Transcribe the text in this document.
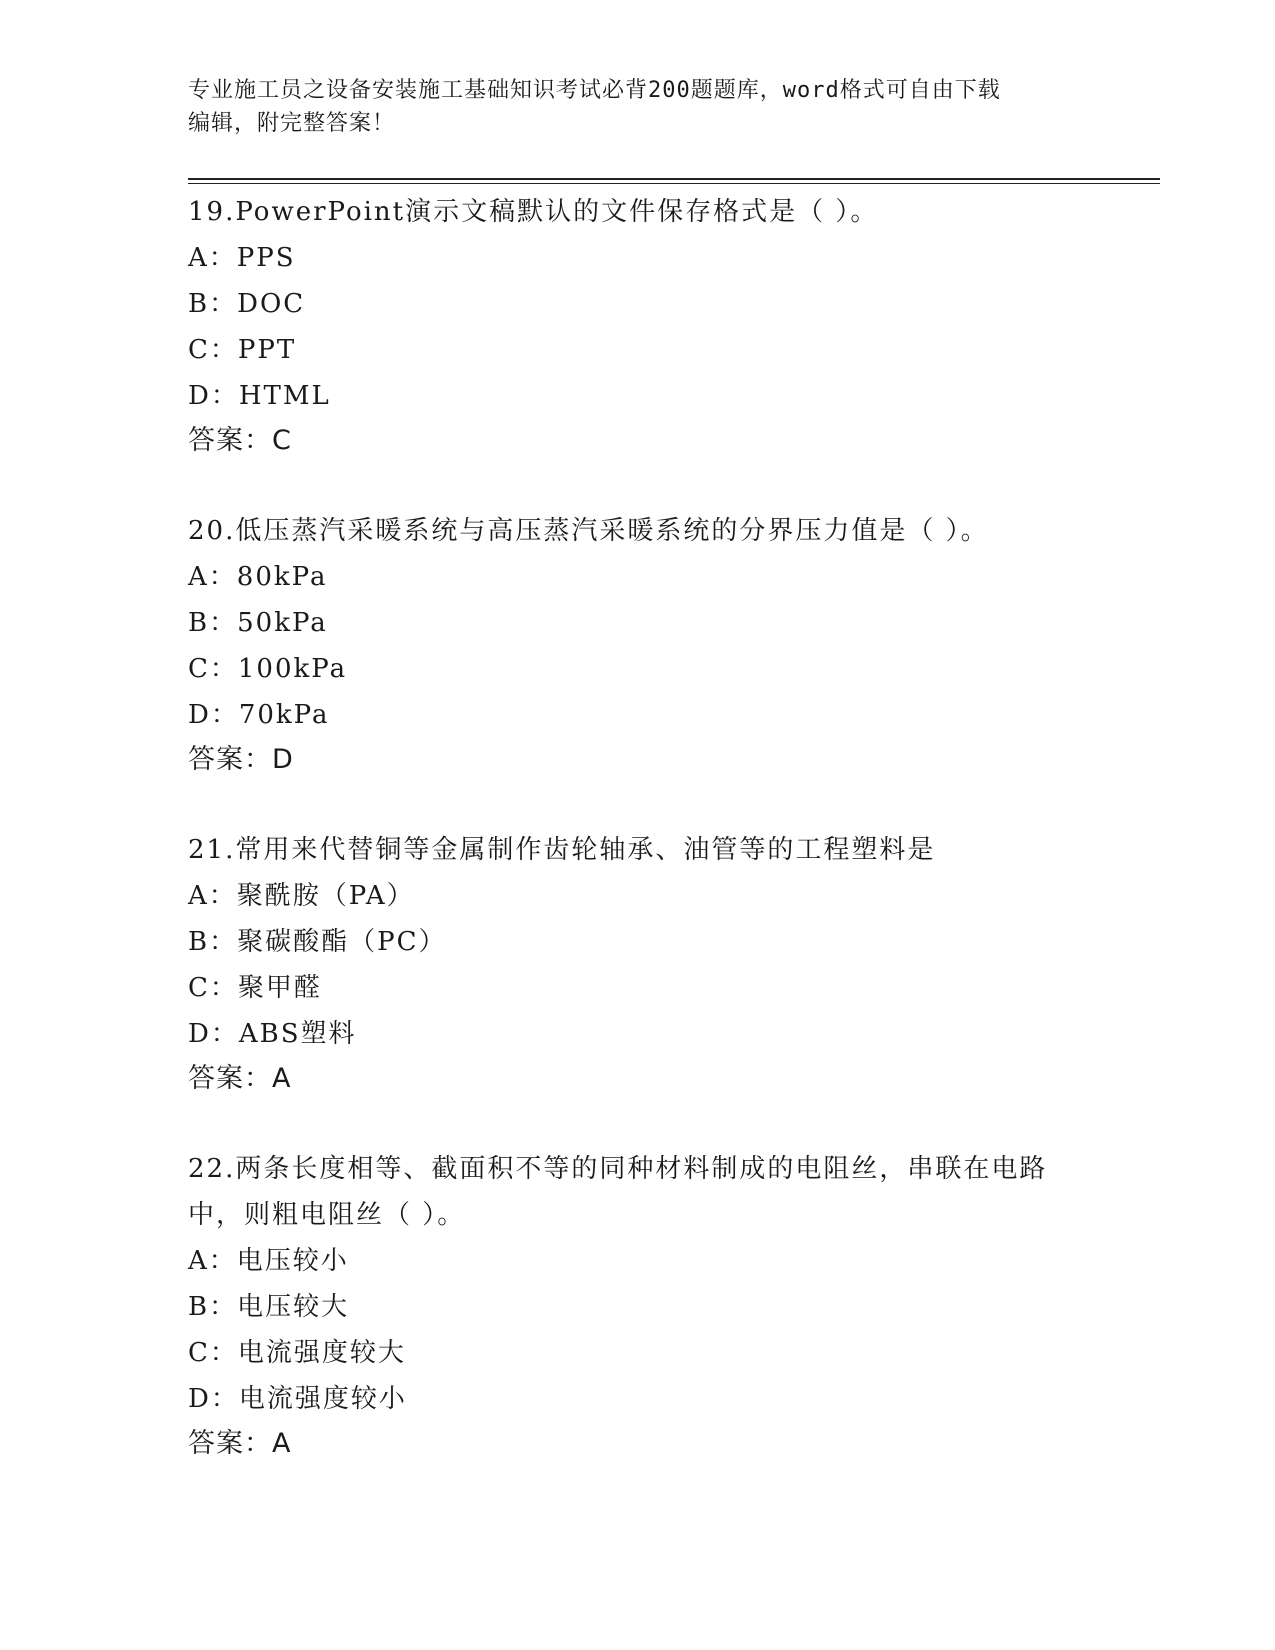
专业施工员之设备安装施工基础知识考试必背200题题库，word格式可自由下载
编辑，附完整答案！
19.PowerPoint演示文稿默认的文件保存格式是（ ）。
A：PPS
B：DOC
C：PPT
D：HTML
答案：C
20.低压蒸汽采暖系统与高压蒸汽采暖系统的分界压力值是（ ）。
A：80kPa
B：50kPa
C：100kPa
D：70kPa
答案：D
21.常用来代替铜等金属制作齿轮轴承、油管等的工程塑料是
A：聚酰胺（PA）
B：聚碳酸酯（PC）
C：聚甲醛
D：ABS塑料
答案：A
22.两条长度相等、截面积不等的同种材料制成的电阻丝，串联在电路
中，则粗电阻丝（ ）。
A：电压较小
B：电压较大
C：电流强度较大
D：电流强度较小
答案：A
